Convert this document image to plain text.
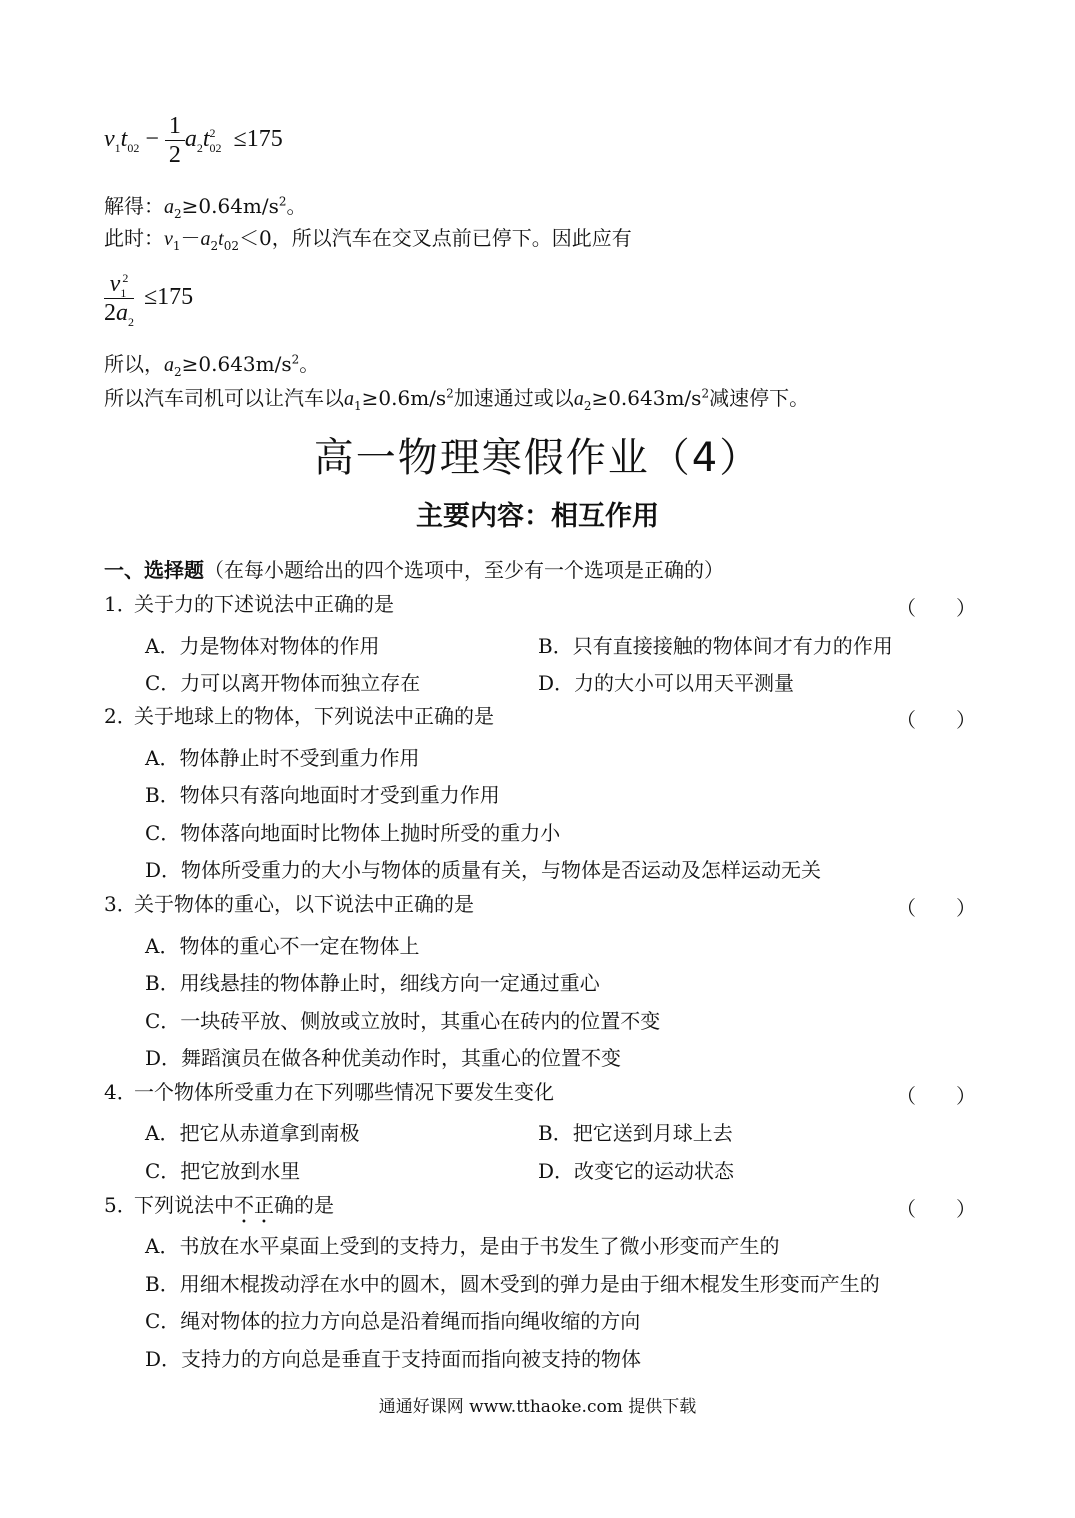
$v_1t_{02} - \frac{1}{2} a_2t^2_{02} \le 175$
解得：$a_2\ge 0.64m/s^2$。
此时：$v_1-a_2t_{02}<0$，所以汽车在交叉点前已停下。因此应有
$\frac{v_1^2}{2a_2} \le 175$
所以，$a_2\ge 0.643m/s^2$。
所以汽车司机可以让汽车以$a_1\ge 0.6m/s^2$加速通过或以$a_2\ge 0.643m/s^2$减速停下。
高一物理寒假作业（4）
主要内容：相互作用
一、选择题（在每小题给出的四个选项中，至少有一个选项是正确的）
1．关于力的下述说法中正确的是	（　　）
A．力是物体对物体的作用	B．只有直接接触的物体间才有力的作用
C．力可以离开物体而独立存在	D．力的大小可以用天平测量
2．关于地球上的物体，下列说法中正确的是	（　　）
A．物体静止时不受到重力作用
B．物体只有落向地面时才受到重力作用
C．物体落向地面时比物体上抛时所受的重力小
D．物体所受重力的大小与物体的质量有关，与物体是否运动及怎样运动无关
3．关于物体的重心，以下说法中正确的是	（　　）
A．物体的重心不一定在物体上
B．用线悬挂的物体静止时，细线方向一定通过重心
C．一块砖平放、侧放或立放时，其重心在砖内的位置不变
D．舞蹈演员在做各种优美动作时，其重心的位置不变
4．一个物体所受重力在下列哪些情况下要发生变化	（　　）
A．把它从赤道拿到南极	B．把它送到月球上去
C．把它放到水里	D．改变它的运动状态
5．下列说法中不正确的是	（　　）
A．书放在水平桌面上受到的支持力，是由于书发生了微小形变而产生的
B．用细木棍拨动浮在水中的圆木，圆木受到的弹力是由于细木棍发生形变而产生的
C．绳对物体的拉力方向总是沿着绳而指向绳收缩的方向
D．支持力的方向总是垂直于支持面而指向被支持的物体
通通好课网 www.tthaoke.com 提供下载
